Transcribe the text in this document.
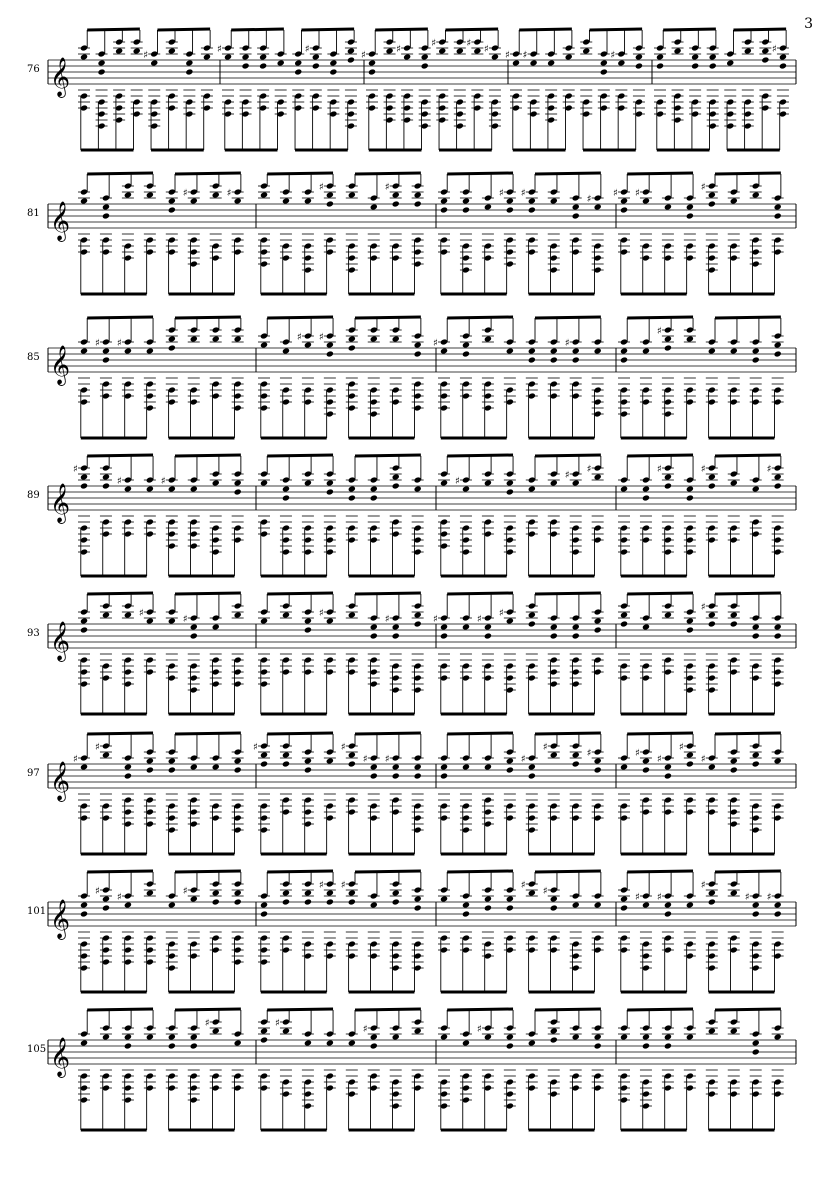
3
𝄞
♯
♯	♯
♯
♯
♯	♯
♯
♯ ♯	♯
♯
𝄞
♯	♯
♯	♯
♯ ♯
♯
♯ ♯
♯
𝄞
♯ ♯
♯ ♯
♯	♯
♯
𝄞
♯
♯	♯	♯
♯
♯	♯	♯	♯
𝄞
♯
♯
♯
♯	♯	♯
♯
♯
𝄞
♯
♯	♯	♯
♯ ♯	♯
♯
♯	♯
♯
♯
♯
𝄞
♯
♯
♯
♯ ♯	♯
♯
♯ ♯
♯
♯ ♯
𝄞
♯	♯
♯	♯
76
81
85
89
93
97
101
105
